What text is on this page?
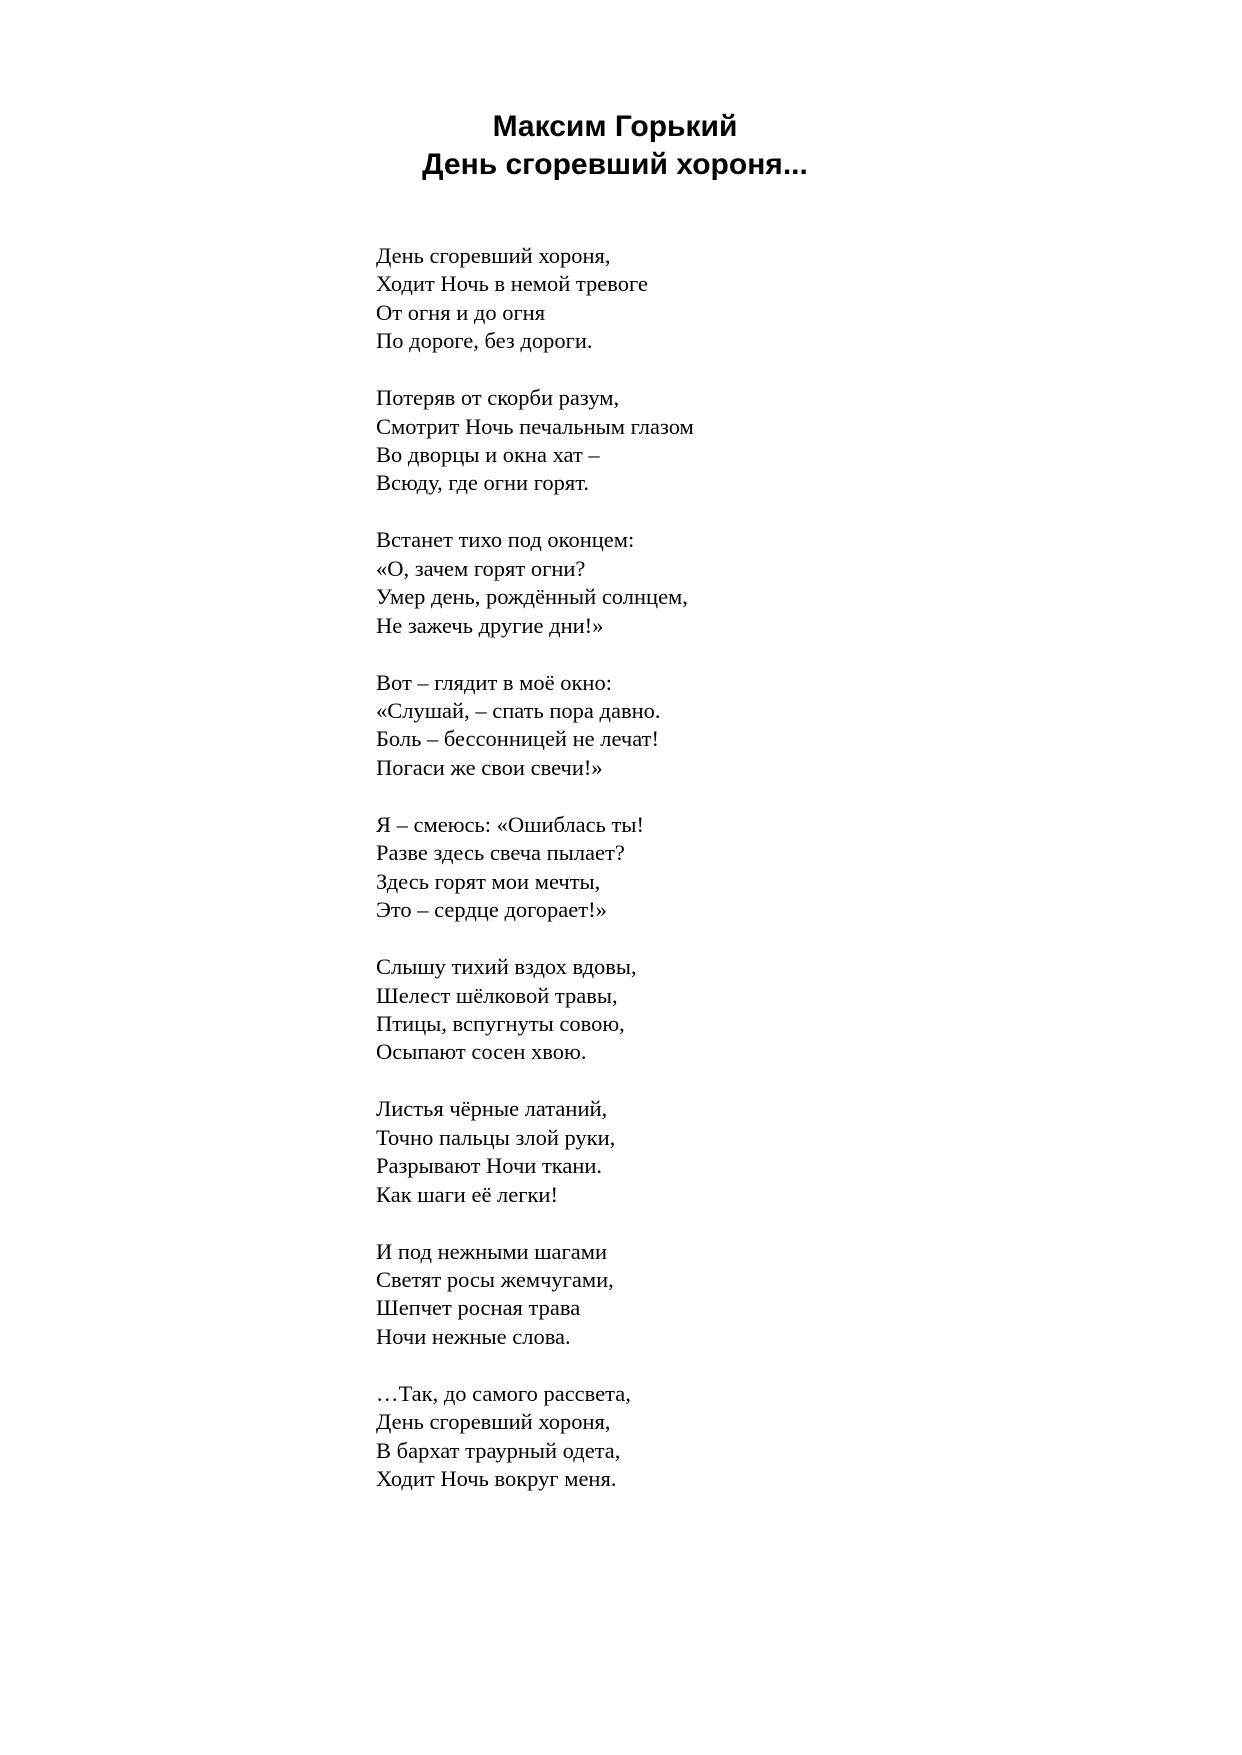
Максим Горький
День сгоревший хороня...
День сгоревший хороня,
Ходит Ночь в немой тревоге
От огня и до огня
По дороге, без дороги.
Потеряв от скорби разум,
Смотрит Ночь печальным глазом
Во дворцы и окна хат –
Всюду, где огни горят.
Встанет тихо под оконцем:
«О, зачем горят огни?
Умер день, рождённый солнцем,
Не зажечь другие дни!»
Вот – глядит в моё окно:
«Слушай, – спать пора давно.
Боль – бессонницей не лечат!
Погаси же свои свечи!»
Я – смеюсь: «Ошиблась ты!
Разве здесь свеча пылает?
Здесь горят мои мечты,
Это – сердце догорает!»
Слышу тихий вздох вдовы,
Шелест шёлковой травы,
Птицы, вспугнуты совою,
Осыпают сосен хвою.
Листья чёрные латаний,
Точно пальцы злой руки,
Разрывают Ночи ткани.
Как шаги её легки!
И под нежными шагами
Светят росы жемчугами,
Шепчет росная трава
Ночи нежные слова.
…Так, до самого рассвета,
День сгоревший хороня,
В бархат траурный одета,
Ходит Ночь вокруг меня.
